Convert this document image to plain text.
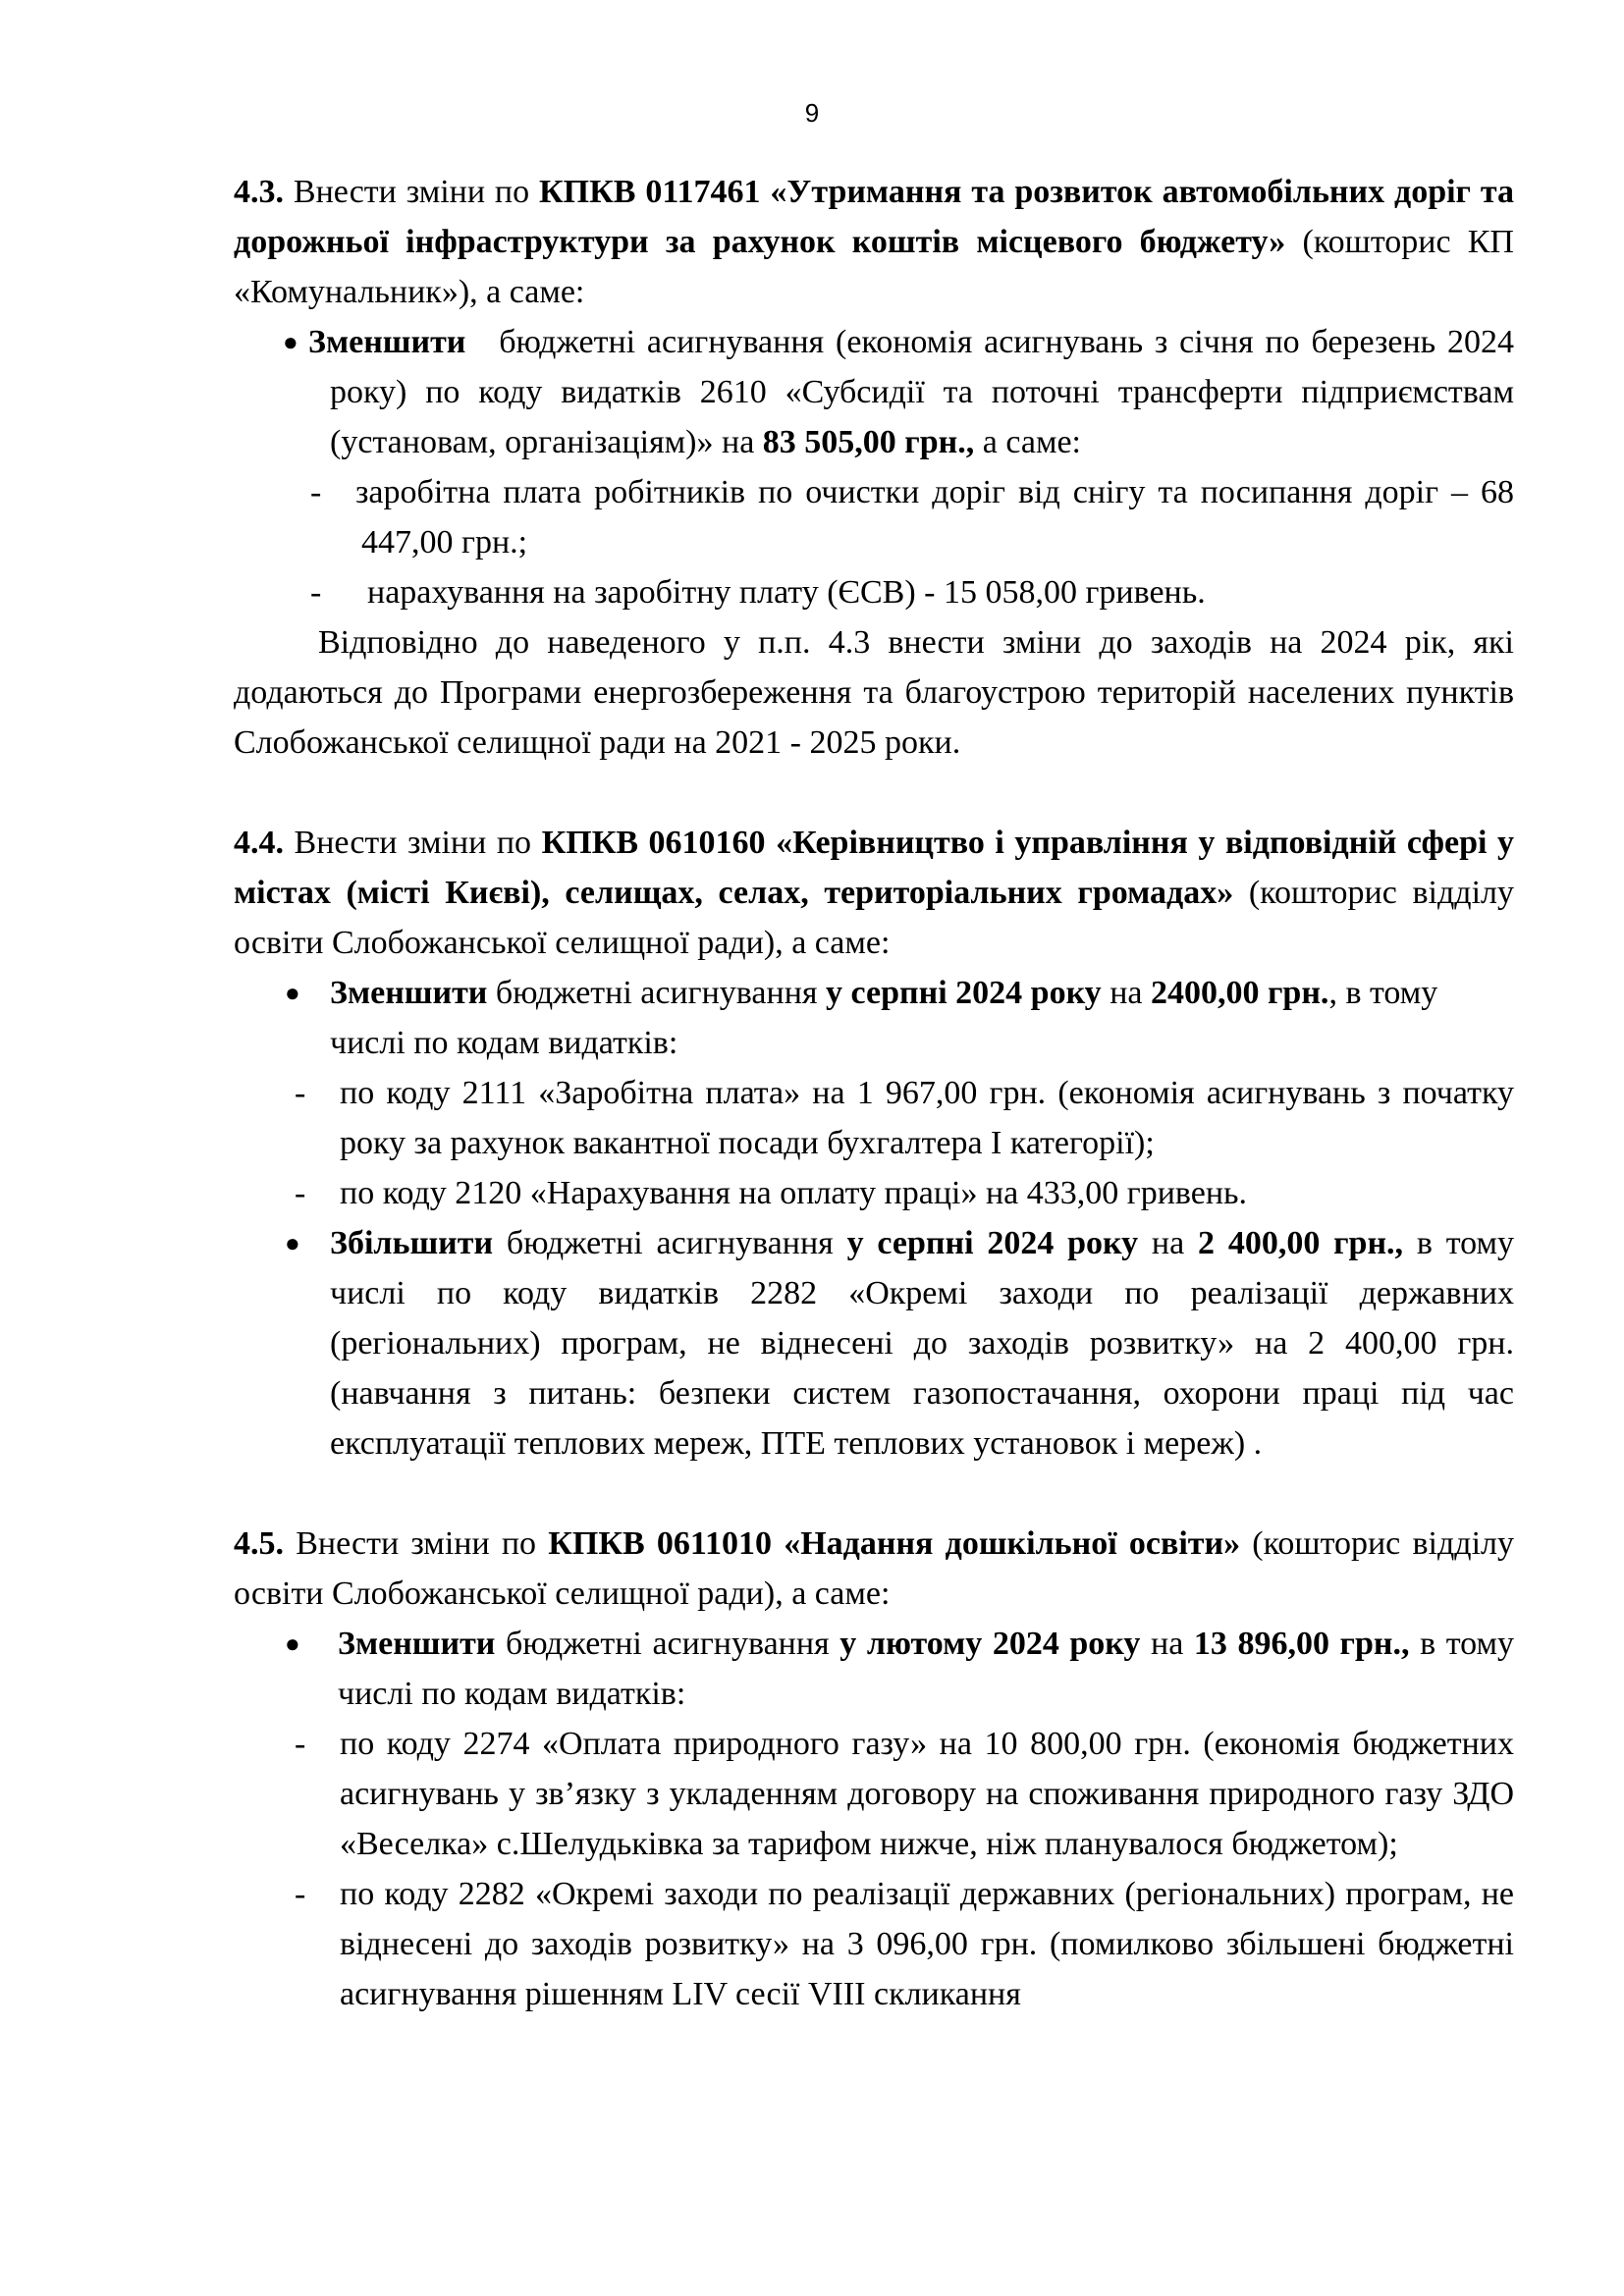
9

4.3. Внести зміни по КПКВ 0117461 «Утримання та розвиток автомобільних доріг та дорожньої інфраструктури за рахунок коштів місцевого бюджету» (кошторис КП «Комунальник»), а саме:

● Зменшити бюджетні асигнування (економія асигнувань з січня по березень 2024 року) по коду видатків 2610 «Субсидії та поточні трансферти підприємствам (установам, організаціям)» на 83 505,00 грн., а саме:
- заробітна плата робітників по очистки доріг від снігу та посипання доріг – 68 447,00 грн.;
- нарахування на заробітну плату (ЄСВ) - 15 058,00 гривень.

Відповідно до наведеного у п.п. 4.3 внести зміни до заходів на 2024 рік, які додаються до Програми енергозбереження та благоустрою територій населених пунктів Слобожанської селищної ради на 2021 - 2025 роки.

4.4. Внести зміни по КПКВ 0610160 «Керівництво і управління у відповідній сфері у містах (місті Києві), селищах, селах, територіальних громадах» (кошторис відділу освіти Слобожанської селищної ради), а саме:

● Зменшити бюджетні асигнування у серпні 2024 року на 2400,00 грн., в тому числі по кодам видатків:
- по коду 2111 «Заробітна плата» на 1 967,00 грн. (економія асигнувань з початку року за рахунок вакантної посади бухгалтера І категорії);
- по коду 2120 «Нарахування на оплату праці» на 433,00 гривень.
● Збільшити бюджетні асигнування у серпні 2024 року на 2 400,00 грн., в тому числі по коду видатків 2282 «Окремі заходи по реалізації державних (регіональних) програм, не віднесені до заходів розвитку» на 2 400,00 грн. (навчання з питань: безпеки систем газопостачання, охорони праці під час експлуатації теплових мереж, ПТЕ теплових установок і мереж) .

4.5. Внести зміни по КПКВ 0611010 «Надання дошкільної освіти» (кошторис відділу освіти Слобожанської селищної ради), а саме:

● Зменшити бюджетні асигнування у лютому 2024 року на 13 896,00 грн., в тому числі по кодам видатків:
- по коду 2274 «Оплата природного газу» на 10 800,00 грн. (економія бюджетних асигнувань у зв’язку з укладенням договору на споживання природного газу ЗДО «Веселка» с.Шелудьківка за тарифом нижче, ніж планувалося бюджетом);
- по коду 2282 «Окремі заходи по реалізації державних (регіональних) програм, не віднесені до заходів розвитку» на 3 096,00 грн. (помилково збільшені бюджетні асигнування рішенням LIV сесії VIII скликання
